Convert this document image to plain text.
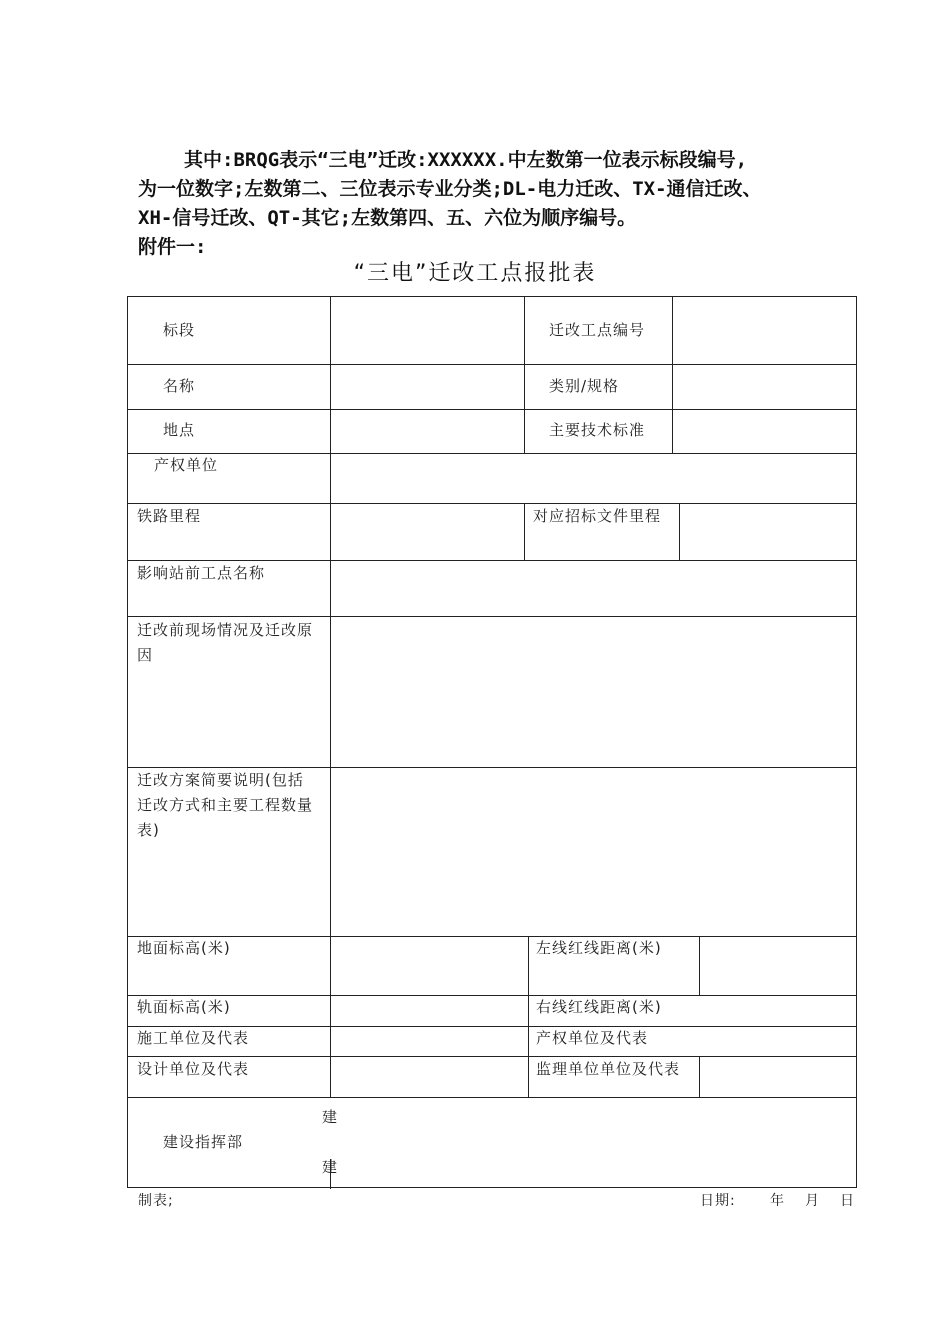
其中:BRQG表示“三电”迁改:XXXXXX.中左数第一位表示标段编号,

为一位数字;左数第二、三位表示专业分类;DL-电力迁改、TX-通信迁改、

XH-信号迁改、QT-其它;左数第四、五、六位为顺序编号。

附件一:

“三电”迁改工点报批表
标段	迁改工点编号
名称	类别/规格
地点	主要技术标准
产权单位
铁路里程	对应招标文件里程
影响站前工点名称
迁改前现场情况及迁改原
因
迁改方案简要说明(包括
迁改方式和主要工程数量
表)
地面标高(米)	左线红线距离(米)
轨面标高(米)	右线红线距离(米)
施工单位及代表	产权单位及代表
设计单位及代表	监理单位单位及代表
建设指挥部
建
建
制表;	日期: 年 月 日
